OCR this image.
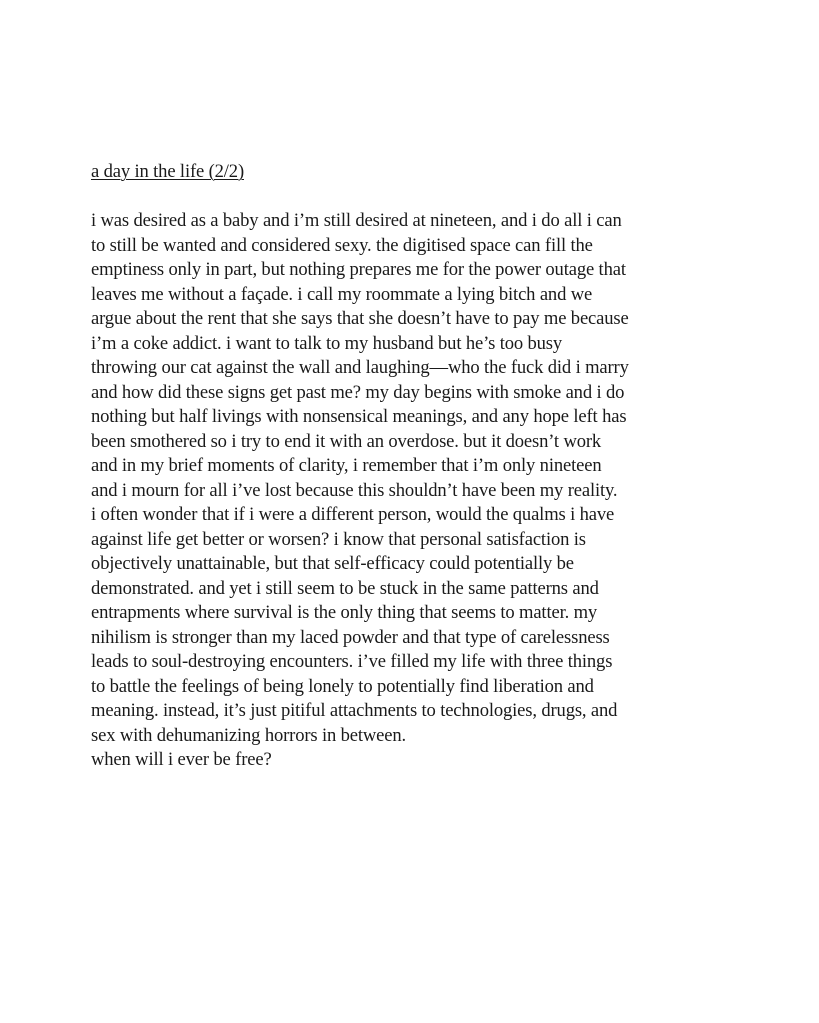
a day in the life (2/2)
i was desired as a baby and i’m still desired at nineteen, and i do all i can
to still be wanted and considered sexy. the digitised space can fill the
emptiness only in part, but nothing prepares me for the power outage that
leaves me without a façade. i call my roommate a lying bitch and we
argue about the rent that she says that she doesn’t have to pay me because
i’m a coke addict. i want to talk to my husband but he’s too busy
throwing our cat against the wall and laughing—who the fuck did i marry
and how did these signs get past me? my day begins with smoke and i do
nothing but half livings with nonsensical meanings, and any hope left has
been smothered so i try to end it with an overdose. but it doesn’t work
and in my brief moments of clarity, i remember that i’m only nineteen
and i mourn for all i’ve lost because this shouldn’t have been my reality.
i often wonder that if i were a different person, would the qualms i have
against life get better or worsen? i know that personal satisfaction is
objectively unattainable, but that self-efficacy could potentially be
demonstrated. and yet i still seem to be stuck in the same patterns and
entrapments where survival is the only thing that seems to matter. my
nihilism is stronger than my laced powder and that type of carelessness
leads to soul-destroying encounters. i’ve filled my life with three things
to battle the feelings of being lonely to potentially find liberation and
meaning. instead, it’s just pitiful attachments to technologies, drugs, and
sex with dehumanizing horrors in between.
when will i ever be free?
